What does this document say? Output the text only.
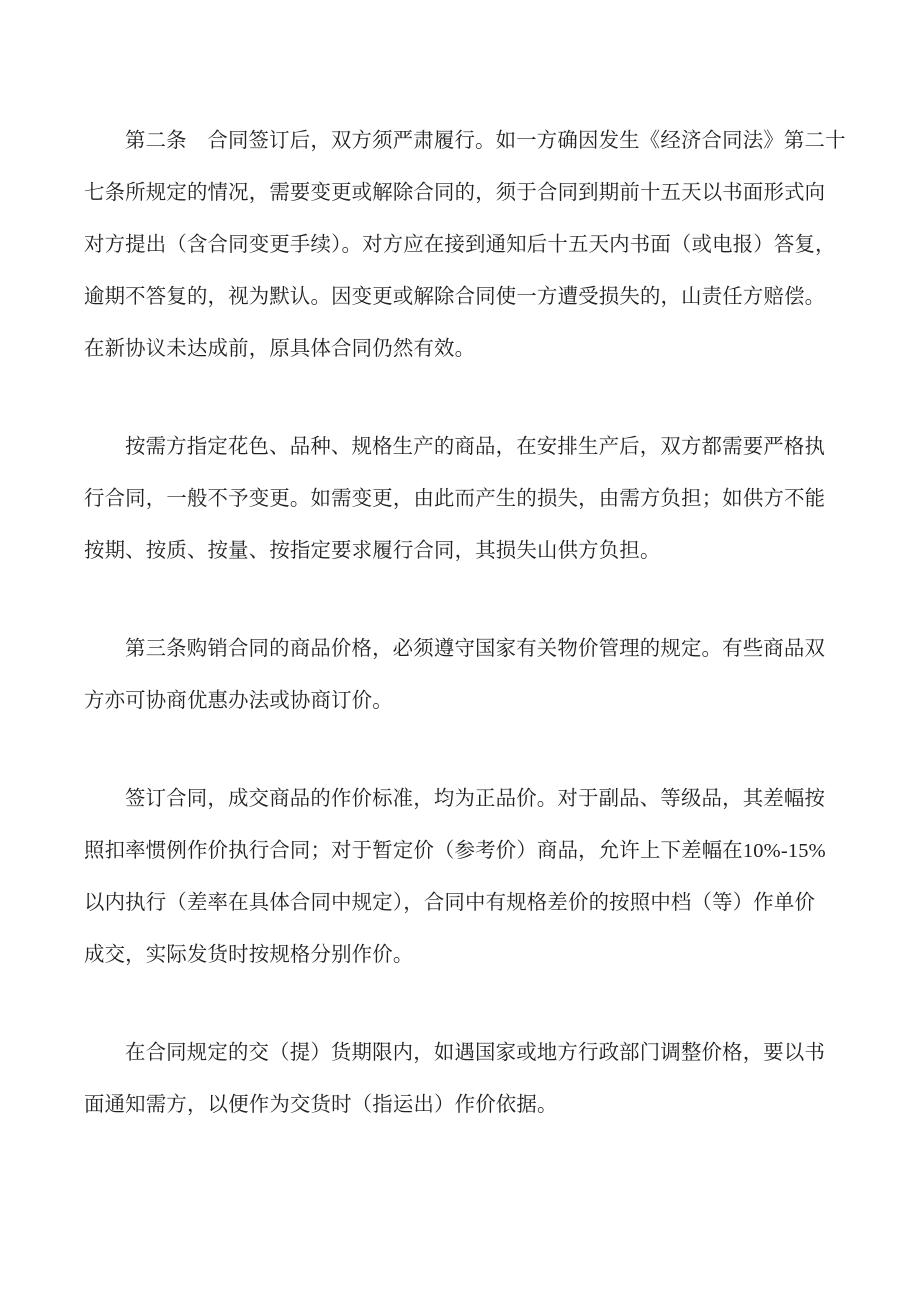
第二条　合同签订后，双方须严肃履行。如一方确因发生《经济合同法》第二十
七条所规定的情况，需要变更或解除合同的，须于合同到期前十五天以书面形式向
对方提出（含合同变更手续）。对方应在接到通知后十五天内书面（或电报）答复，
逾期不答复的，视为默认。因变更或解除合同使一方遭受损失的，山责任方赔偿。
在新协议未达成前，原具体合同仍然有效。
按需方指定花色、品种、规格生产的商品，在安排生产后，双方都需要严格执
行合同，一般不予变更。如需变更，由此而产生的损失，由需方负担；如供方不能
按期、按质、按量、按指定要求履行合同，其损失山供方负担。
第三条购销合同的商品价格，必须遵守国家有关物价管理的规定。有些商品双
方亦可协商优惠办法或协商订价。
签订合同，成交商品的作价标准，均为正品价。对于副品、等级品，其差幅按
照扣率惯例作价执行合同；对于暂定价（参考价）商品，允许上下差幅在10%-15%
以内执行（差率在具体合同中规定），合同中有规格差价的按照中档（等）作单价
成交，实际发货时按规格分别作价。
在合同规定的交（提）货期限内，如遇国家或地方行政部门调整价格，要以书
面通知需方，以便作为交货时（指运出）作价依据。
